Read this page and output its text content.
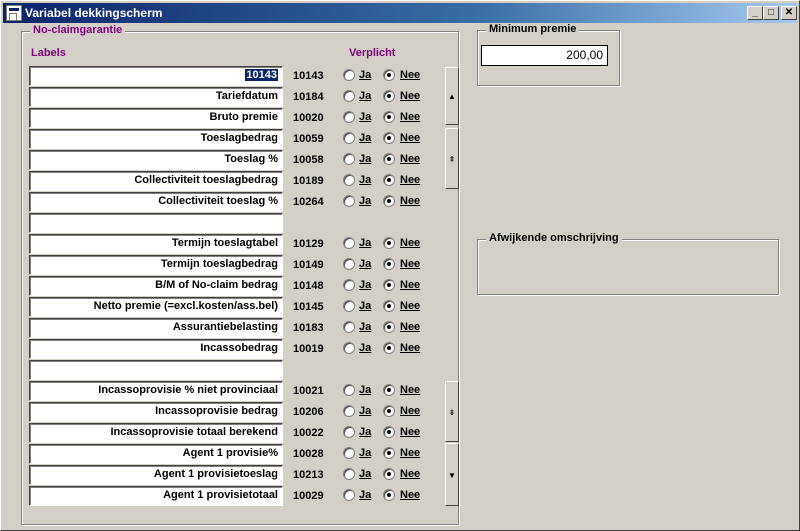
Variabel dekkingscherm	_	□	✕
No-claimgarantie
Labels	Verplicht
10143	10143	Ja	Nee
Tariefdatum	10184	Ja	Nee
Bruto premie	10020	Ja	Nee
Toeslagbedrag	10059	Ja	Nee
Toeslag %	10058	Ja	Nee
Collectiviteit toeslagbedrag	10189	Ja	Nee
Collectiviteit toeslag %	10264	Ja	Nee
Termijn toeslagtabel	10129	Ja	Nee
Termijn toeslagbedrag	10149	Ja	Nee
B/M of No-claim bedrag	10148	Ja	Nee
Netto premie (=excl.kosten/ass.bel)	10145	Ja	Nee
Assurantiebelasting	10183	Ja	Nee
Incassobedrag	10019	Ja	Nee
Incassoprovisie % niet provinciaal	10021	Ja	Nee
Incassoprovisie bedrag	10206	Ja	Nee
Incassoprovisie totaal berekend	10022	Ja	Nee
Agent 1 provisie%	10028	Ja	Nee
Agent 1 provisietoeslag	10213	Ja	Nee
Agent 1 provisietotaal	10029	Ja	Nee
▲
⇞
⇟
▼
Minimum premie
200,00
Afwijkende omschrijving
